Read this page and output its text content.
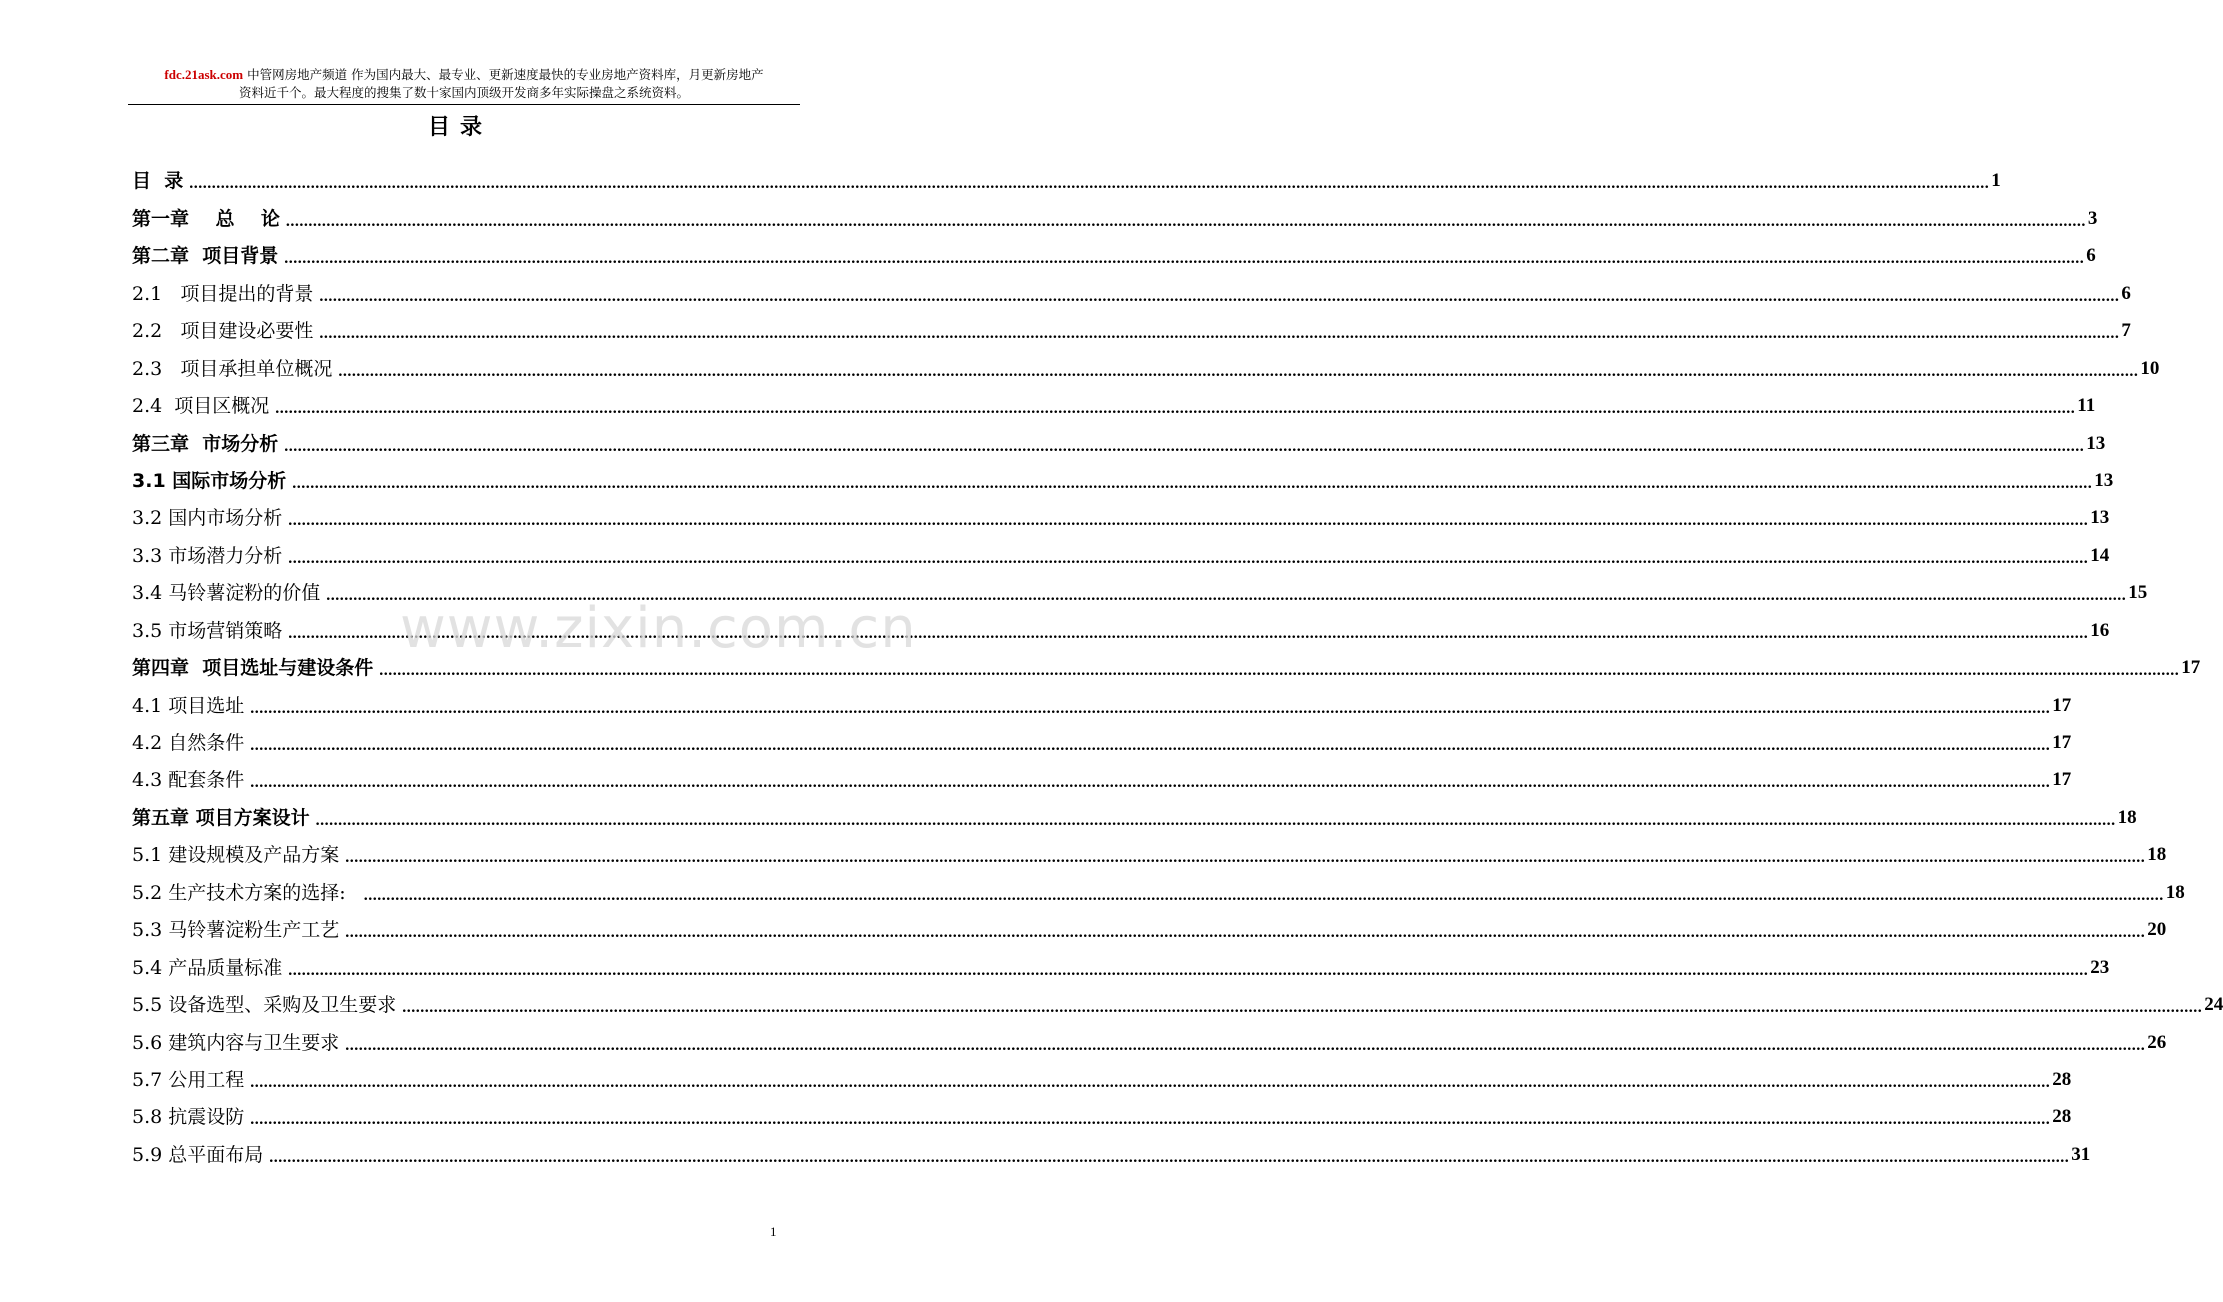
fdc.21ask.com 中管网房地产频道 作为国内最大、最专业、更新速度最快的专业房地产资料库，月更新房地产
资料近千个。最大程度的搜集了数十家国内顶级开发商多年实际操盘之系统资料。
目录
目  录 ................................................................................................................................................................................................................................................................................................................................................................................................................ 1
第一章    总    论 ................................................................................................................................................................................................................................................................................................................................................................................................................ 3
第二章  项目背景 ................................................................................................................................................................................................................................................................................................................................................................................................................ 6
2.1   项目提出的背景 ................................................................................................................................................................................................................................................................................................................................................................................................................ 6
2.2   项目建设必要性 ................................................................................................................................................................................................................................................................................................................................................................................................................ 7
2.3   项目承担单位概况 ................................................................................................................................................................................................................................................................................................................................................................................................................ 10
2.4  项目区概况 ................................................................................................................................................................................................................................................................................................................................................................................................................ 11
第三章  市场分析 ................................................................................................................................................................................................................................................................................................................................................................................................................ 13
3.1 国际市场分析 ................................................................................................................................................................................................................................................................................................................................................................................................................ 13
3.2 国内市场分析 ................................................................................................................................................................................................................................................................................................................................................................................................................ 13
3.3 市场潜力分析 ................................................................................................................................................................................................................................................................................................................................................................................................................ 14
3.4 马铃薯淀粉的价值 ................................................................................................................................................................................................................................................................................................................................................................................................................ 15
3.5 市场营销策略 ................................................................................................................................................................................................................................................................................................................................................................................................................ 16
第四章  项目选址与建设条件 ................................................................................................................................................................................................................................................................................................................................................................................................................ 17
4.1 项目选址 ................................................................................................................................................................................................................................................................................................................................................................................................................ 17
4.2 自然条件 ................................................................................................................................................................................................................................................................................................................................................................................................................ 17
4.3 配套条件 ................................................................................................................................................................................................................................................................................................................................................................................................................ 17
第五章 项目方案设计 ................................................................................................................................................................................................................................................................................................................................................................................................................ 18
5.1 建设规模及产品方案 ................................................................................................................................................................................................................................................................................................................................................................................................................ 18
5.2 生产技术方案的选择: ................................................................................................................................................................................................................................................................................................................................................................................................................ 18
5.3 马铃薯淀粉生产工艺 ................................................................................................................................................................................................................................................................................................................................................................................................................ 20
5.4 产品质量标准 ................................................................................................................................................................................................................................................................................................................................................................................................................ 23
5.5 设备选型、采购及卫生要求 ................................................................................................................................................................................................................................................................................................................................................................................................................ 24
5.6 建筑内容与卫生要求 ................................................................................................................................................................................................................................................................................................................................................................................................................ 26
5.7 公用工程 ................................................................................................................................................................................................................................................................................................................................................................................................................ 28
5.8 抗震设防 ................................................................................................................................................................................................................................................................................................................................................................................................................ 28
5.9 总平面布局 ................................................................................................................................................................................................................................................................................................................................................................................................................ 31
www.zixin.com.cn
1
